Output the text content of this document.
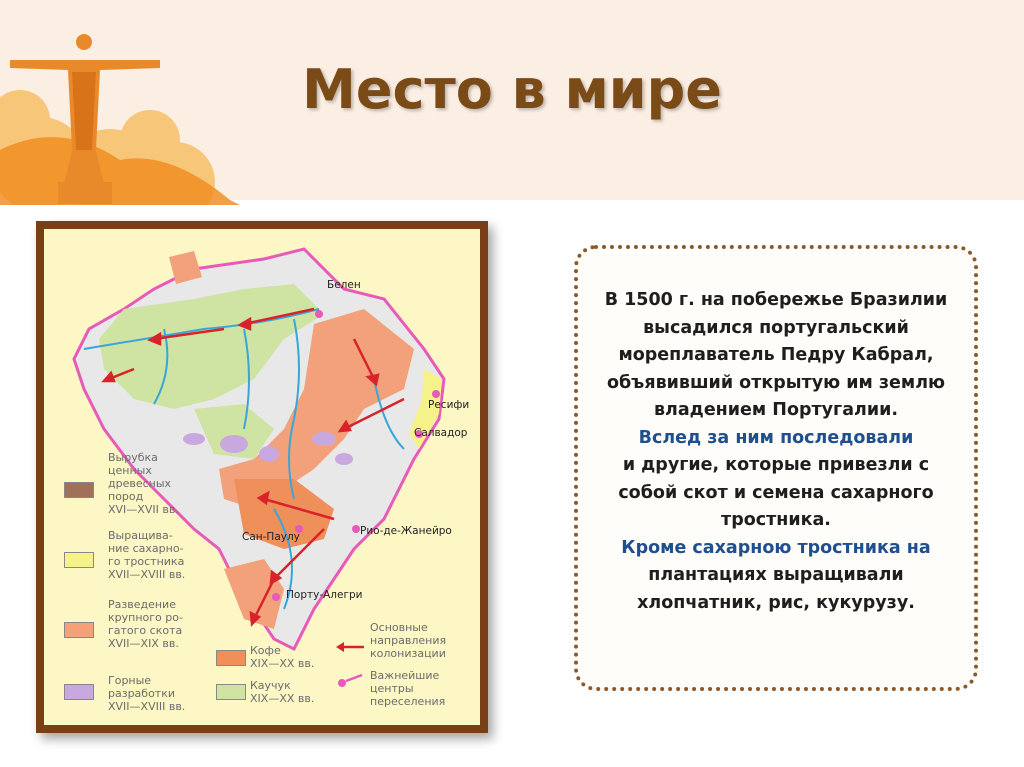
Место в мире
Белен
Ресифи
Салвадор
Рио-де-Жанейро
Сан-Паулу
Порту-Алегри
Вырубка
ценных
древесных
пород
XVI—XVII вв.
Выращива-
ние сахарно-
го тростника
XVII—XVIII вв.
Разведение
крупного ро-
гатого скота
XVII—XIX вв.
Горные
разработки
XVII—XVIII вв.
Кофе
XIX—XX вв.
Каучук
XIX—XX вв.
Основные
направления
колонизации
Важнейшие
центры
переселения

В 1500 г. на побережье Бразилии
высадился португальский
мореплаватель Педру Кабрал,
объявивший открытую им землю
владением Португалии.
Вслед за ним последовали
и другие, которые привезли с
собой скот и семена сахарного
тростника.
Кроме сахарною тростника на
плантациях выращивали
хлопчатник, рис, кукурузу.
